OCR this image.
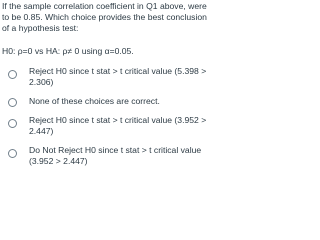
If the sample correlation coefficient in Q1 above, were
to be 0.85. Which choice provides the best conclusion
of a hypothesis test:
H0: ρ=0 vs HA: ρ≠ 0 using α=0.05.
Reject H0 since t stat > t critical value (5.398 >
2.306)
None of these choices are correct.
Reject H0 since t stat > t critical value (3.952 >
2.447)
Do Not Reject H0 since t stat > t critical value
(3.952 > 2.447)
